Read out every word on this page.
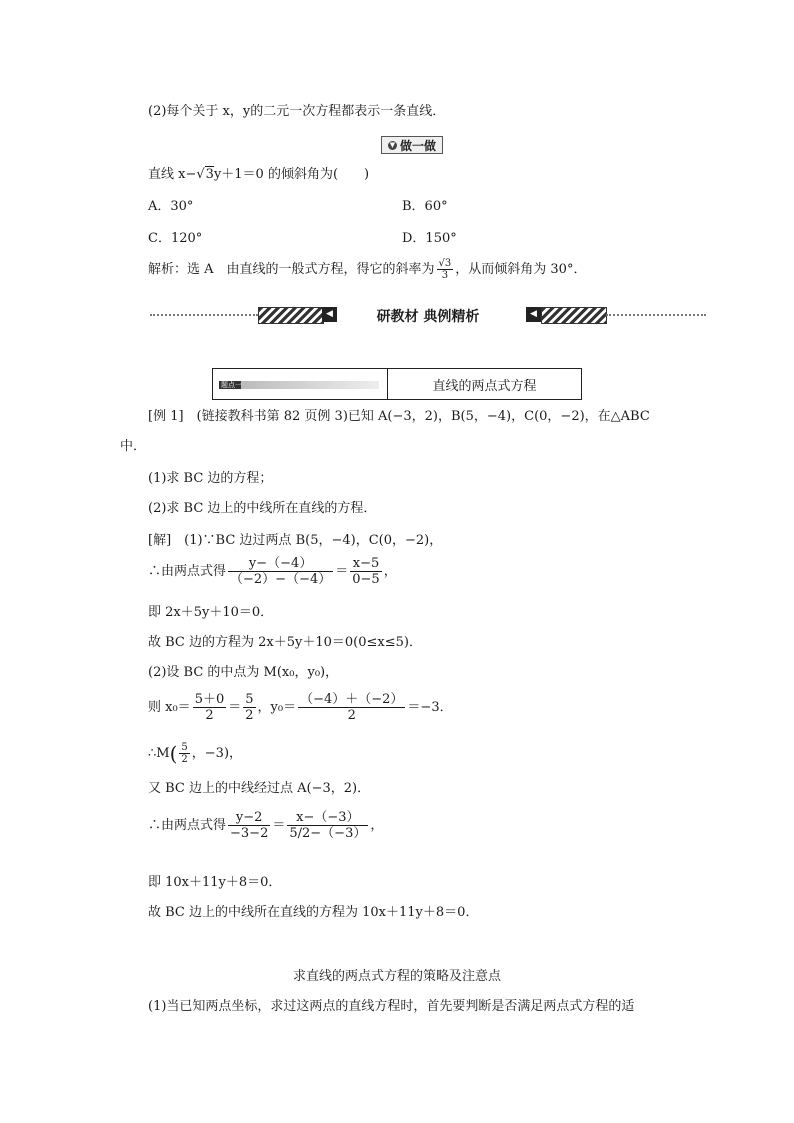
(2)每个关于 x，y的二元一次方程都表示一条直线．
▼ 做一做
直线 x−√3y＋1＝0 的倾斜角为(　　)
A．30°	B．60°
C．120°	D．150°
解析：选 A　由直线的一般式方程，得它的斜率为 $\frac{√3}{3}$ ，从而倾斜角为 30°．
◀	研教材 典例精析	◀
题点一	直线的两点式方程
[例 1]　(链接教科书第 82 页例 3)已知 A(−3，2)，B(5，−4)，C(0，−2)，在△ABC
中．
(1)求 BC 边的方程；
(2)求 BC 边上的中线所在直线的方程．
[解]　(1)∵BC 边过两点 B(5，−4)，C(0，−2)，
∴由两点式得 $\frac{y-(-4)}{(-2)-(-4)} = \frac{x-5}{0-5}$ ，
即 2x＋5y＋10＝0．
故 BC 边的方程为 2x＋5y＋10＝0(0≤x≤5)．
(2)设 BC 的中点为 M(x₀，y₀)，
则 $x_0= \frac{5+0}{2} = \frac{5}{2}$ ，$y_0= \frac{(-4)+(-2)}{2} =-3$．
∴M( $\frac{5}{2}$ ，−3)，
又 BC 边上的中线经过点 A(−3，2)．
∴由两点式得 $\frac{y-2}{-3-2} = \frac{x-(-3)}{5/2-(-3)}$ ，
即 10x＋11y＋8＝0．
故 BC 边上的中线所在直线的方程为 10x＋11y＋8＝0．
求直线的两点式方程的策略及注意点
(1)当已知两点坐标，求过这两点的直线方程时，首先要判断是否满足两点式方程的适
